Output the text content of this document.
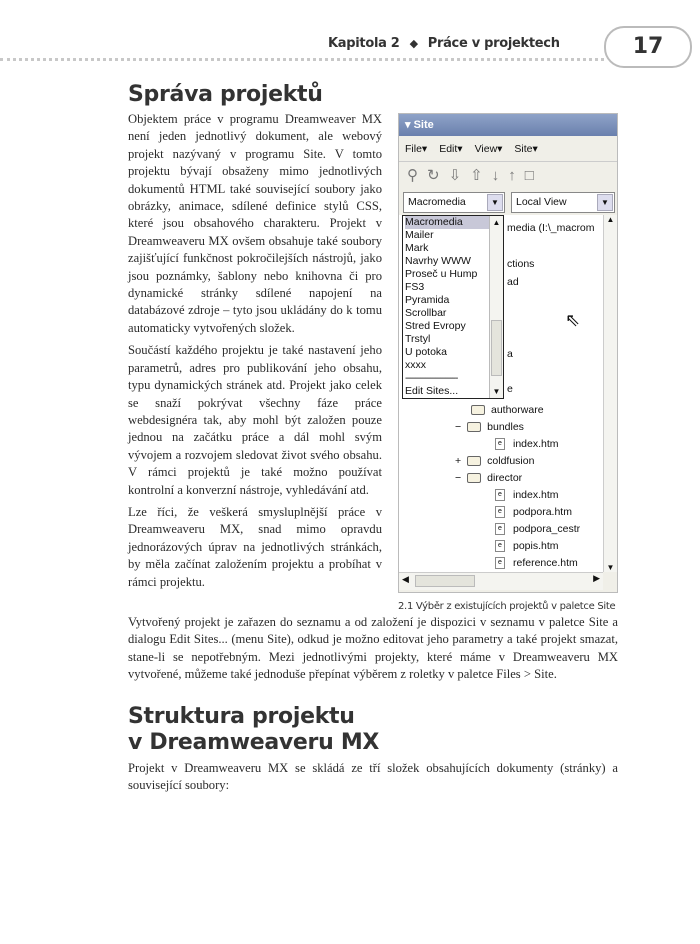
Kapitola 2 ◆ Práce v projektech	17
Správa projektů

Objektem práce v programu Dreamweaver MX není jeden jednotlivý dokument, ale webový projekt nazývaný v programu Site. V tomto projektu bývají obsaženy mimo jednotlivých dokumentů HTML také související soubory jako obrázky, animace, sdílené definice stylů CSS, které jsou obsahového charakteru. Projekt v Dreamweaveru MX ovšem obsahuje také soubory zajišťující funkčnost pokročilejších nástrojů, jako jsou poznámky, šablony nebo knihovna či pro dynamické stránky sdílené napojení na databázové zdroje – tyto jsou ukládány do k tomu automaticky vytvořených složek.

Součástí každého projektu je také nastavení jeho parametrů, adres pro publikování jeho obsahu, typu dynamických stránek atd. Projekt jako celek se snaží pokrývat všechny fáze práce webdesignéra tak, aby mohl být založen pouze jednou na začátku práce a dál mohl svým vývojem a rozvojem sledovat život svého obsahu. V rámci projektů je také možno používat kontrolní a konverzní nástroje, vyhledávání atd.

Lze říci, že veškerá smysluplnější práce v Dreamweaveru MX, snad mimo opravdu jednorázových úprav na jednotlivých stránkách, by měla začínat založením projektu a probíhat v rámci projektu.

▾ Site
File▾ Edit▾ View▾ Site▾
⚲↻⇩⇧↓↑□
Macromedia	▼	Local View	▼
media (I:\_macrom
ctions
ad
a
e
authorware
− bundles
e index.htm
+ coldfusion
− director
e index.htm
e podpora.htm
e podpora_cestr
e popis.htm
e reference.htm
▲
▼
◀	▶
⇖
Macromedia
Mailer
Mark
Navrhy WWW
Proseč u Hump
FS3
Pyramida
Scrollbar
Stred Evropy
Trstyl
U potoka
xxxx
---------------------
Edit Sites...
▲
▼
2.1 Výběr z existujících projektů v paletce Site

Vytvořený projekt je zařazen do seznamu a od založení je dispozici v seznamu v paletce Site a dialogu Edit Sites... (menu Site), odkud je možno editovat jeho parametry a také projekt smazat, stane-li se nepotřebným. Mezi jednotlivými projekty, které máme v Dreamweaveru MX vytvořené, můžeme také jednoduše přepínat výběrem z roletky v paletce Files > Site.

Struktura projektu
v Dreamweaveru MX

Projekt v Dreamweaveru MX se skládá ze tří složek obsahujících dokumenty (stránky) a související soubory:
